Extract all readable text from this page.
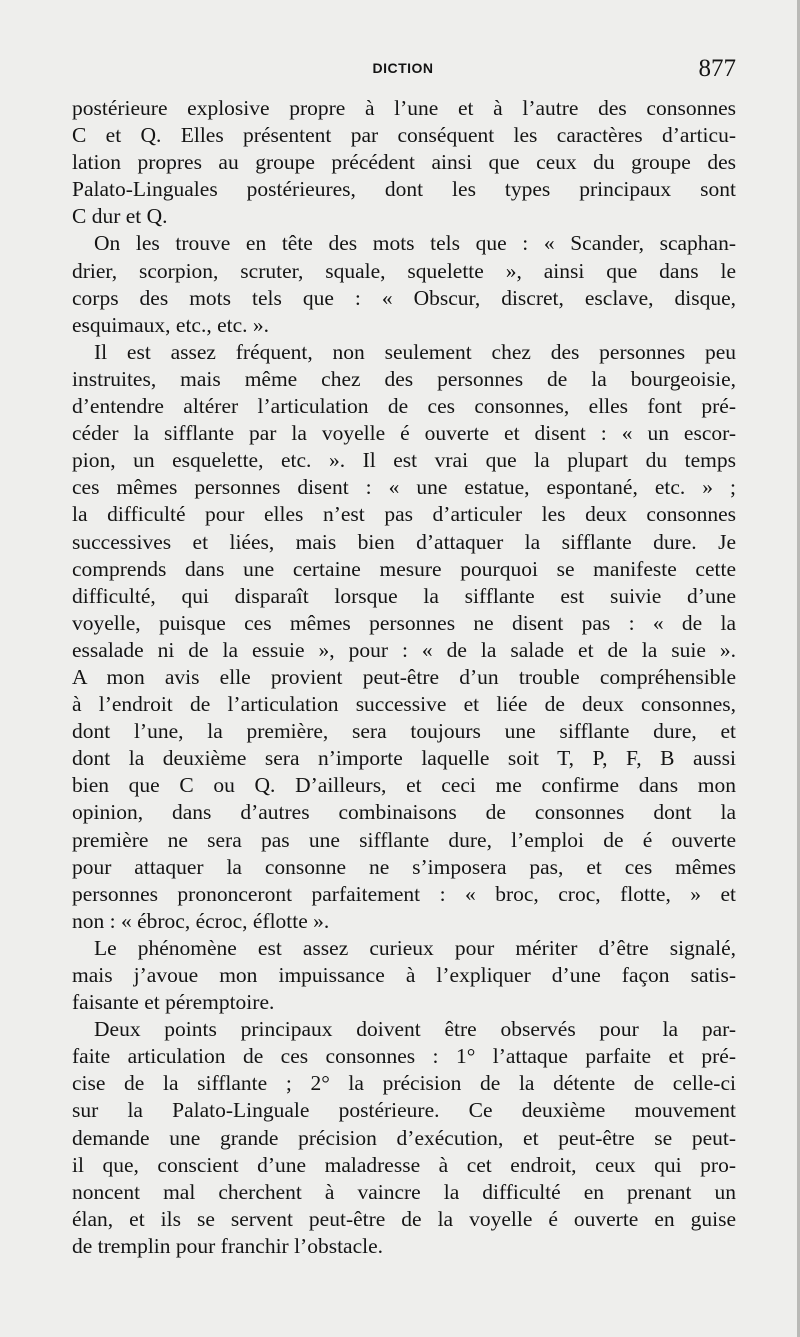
DICTION	877
postérieure explosive propre à l’une et à l’autre des consonnes
C et Q. Elles présentent par conséquent les caractères d’articu-
lation propres au groupe précédent ainsi que ceux du groupe des
Palato-Linguales postérieures, dont les types principaux sont
C dur et Q.
On les trouve en tête des mots tels que : « Scander, scaphan-
drier, scorpion, scruter, squale, squelette », ainsi que dans le
corps des mots tels que : « Obscur, discret, esclave, disque,
esquimaux, etc., etc. ».
Il est assez fréquent, non seulement chez des personnes peu
instruites, mais même chez des personnes de la bourgeoisie,
d’entendre altérer l’articulation de ces consonnes, elles font pré-
céder la sifflante par la voyelle é ouverte et disent : « un escor-
pion, un esquelette, etc. ». Il est vrai que la plupart du temps
ces mêmes personnes disent : « une estatue, espontané, etc. » ;
la difficulté pour elles n’est pas d’articuler les deux consonnes
successives et liées, mais bien d’attaquer la sifflante dure. Je
comprends dans une certaine mesure pourquoi se manifeste cette
difficulté, qui disparaît lorsque la sifflante est suivie d’une
voyelle, puisque ces mêmes personnes ne disent pas : « de la
essalade ni de la essuie », pour : « de la salade et de la suie ».
A mon avis elle provient peut-être d’un trouble compréhensible
à l’endroit de l’articulation successive et liée de deux consonnes,
dont l’une, la première, sera toujours une sifflante dure, et
dont la deuxième sera n’importe laquelle soit T, P, F, B aussi
bien que C ou Q. D’ailleurs, et ceci me confirme dans mon
opinion, dans d’autres combinaisons de consonnes dont la
première ne sera pas une sifflante dure, l’emploi de é ouverte
pour attaquer la consonne ne s’imposera pas, et ces mêmes
personnes prononceront parfaitement : « broc, croc, flotte, » et
non : « ébroc, écroc, éflotte ».
Le phénomène est assez curieux pour mériter d’être signalé,
mais j’avoue mon impuissance à l’expliquer d’une façon satis-
faisante et péremptoire.
Deux points principaux doivent être observés pour la par-
faite articulation de ces consonnes : 1° l’attaque parfaite et pré-
cise de la sifflante ; 2° la précision de la détente de celle-ci
sur la Palato-Linguale postérieure. Ce deuxième mouvement
demande une grande précision d’exécution, et peut-être se peut-
il que, conscient d’une maladresse à cet endroit, ceux qui pro-
noncent mal cherchent à vaincre la difficulté en prenant un
élan, et ils se servent peut-être de la voyelle é ouverte en guise
de tremplin pour franchir l’obstacle.
